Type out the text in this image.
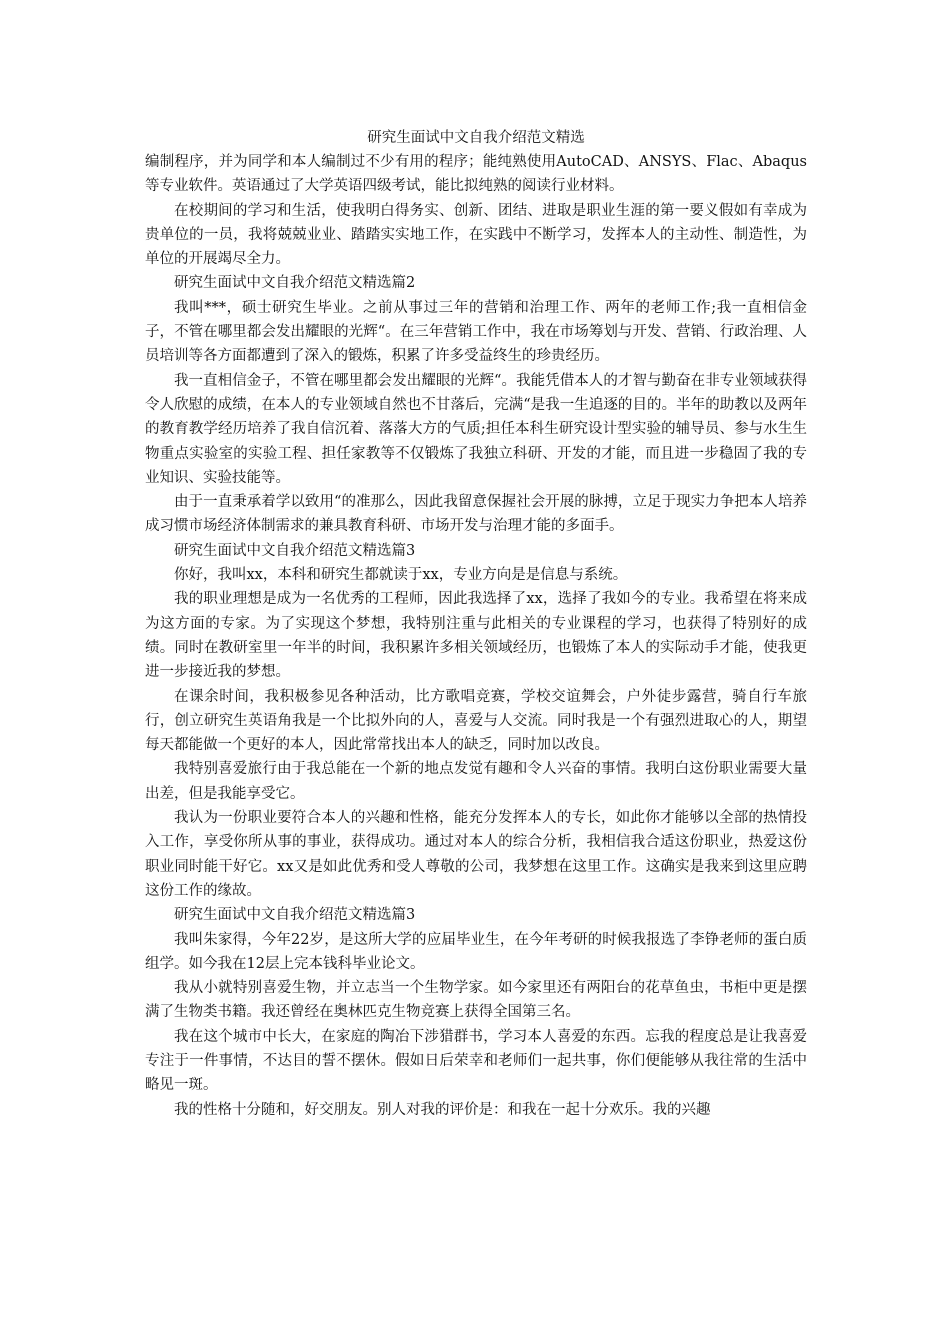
研究生面试中文自我介绍范文精选

编制程序，并为同学和本人编制过不少有用的程序；能纯熟使用AutoCAD、ANSYS、Flac、Abaqus等专业软件。英语通过了大学英语四级考试，能比拟纯熟的阅读行业材料。

在校期间的学习和生活，使我明白得务实、创新、团结、进取是职业生涯的第一要义假如有幸成为贵单位的一员，我将兢兢业业、踏踏实实地工作，在实践中不断学习，发挥本人的主动性、制造性，为单位的开展竭尽全力。

研究生面试中文自我介绍范文精选篇2

我叫***，硕士研究生毕业。之前从事过三年的营销和治理工作、两年的老师工作;我一直相信金子，不管在哪里都会发出耀眼的光辉“。在三年营销工作中，我在市场筹划与开发、营销、行政治理、人员培训等各方面都遭到了深入的锻炼，积累了许多受益终生的珍贵经历。

我一直相信金子，不管在哪里都会发出耀眼的光辉“。我能凭借本人的才智与勤奋在非专业领域获得令人欣慰的成绩，在本人的专业领域自然也不甘落后，完满“是我一生追逐的目的。半年的助教以及两年的教育教学经历培养了我自信沉着、落落大方的气质;担任本科生研究设计型实验的辅导员、参与水生生物重点实验室的实验工程、担任家教等不仅锻炼了我独立科研、开发的才能，而且进一步稳固了我的专业知识、实验技能等。

由于一直秉承着学以致用“的准那么，因此我留意保握社会开展的脉搏，立足于现实力争把本人培养成习惯市场经济体制需求的兼具教育科研、市场开发与治理才能的多面手。

研究生面试中文自我介绍范文精选篇3

你好，我叫xx，本科和研究生都就读于xx，专业方向是是信息与系统。

我的职业理想是成为一名优秀的工程师，因此我选择了xx，选择了我如今的专业。我希望在将来成为这方面的专家。为了实现这个梦想，我特别注重与此相关的专业课程的学习，也获得了特别好的成绩。同时在教研室里一年半的时间，我积累许多相关领域经历，也锻炼了本人的实际动手才能，使我更进一步接近我的梦想。

在课余时间，我积极参见各种活动，比方歌唱竞赛，学校交谊舞会，户外徒步露营，骑自行车旅行，创立研究生英语角我是一个比拟外向的人，喜爱与人交流。同时我是一个有强烈进取心的人，期望每天都能做一个更好的本人，因此常常找出本人的缺乏，同时加以改良。

我特别喜爱旅行由于我总能在一个新的地点发觉有趣和令人兴奋的事情。我明白这份职业需要大量出差，但是我能享受它。

我认为一份职业要符合本人的兴趣和性格，能充分发挥本人的专长，如此你才能够以全部的热情投入工作，享受你所从事的事业，获得成功。通过对本人的综合分析，我相信我合适这份职业，热爱这份职业同时能干好它。xx又是如此优秀和受人尊敬的公司，我梦想在这里工作。这确实是我来到这里应聘这份工作的缘故。

研究生面试中文自我介绍范文精选篇3

我叫朱家得，今年22岁，是这所大学的应届毕业生，在今年考研的时候我报选了李铮老师的蛋白质组学。如今我在12层上完本钱科毕业论文。

我从小就特别喜爱生物，并立志当一个生物学家。如今家里还有两阳台的花草鱼虫，书柜中更是摆满了生物类书籍。我还曾经在奥林匹克生物竞赛上获得全国第三名。

我在这个城市中长大，在家庭的陶冶下涉猎群书，学习本人喜爱的东西。忘我的程度总是让我喜爱专注于一件事情，不达目的誓不摆休。假如日后荣幸和老师们一起共事，你们便能够从我往常的生活中略见一斑。

我的性格十分随和，好交朋友。别人对我的评价是：和我在一起十分欢乐。我的兴趣
